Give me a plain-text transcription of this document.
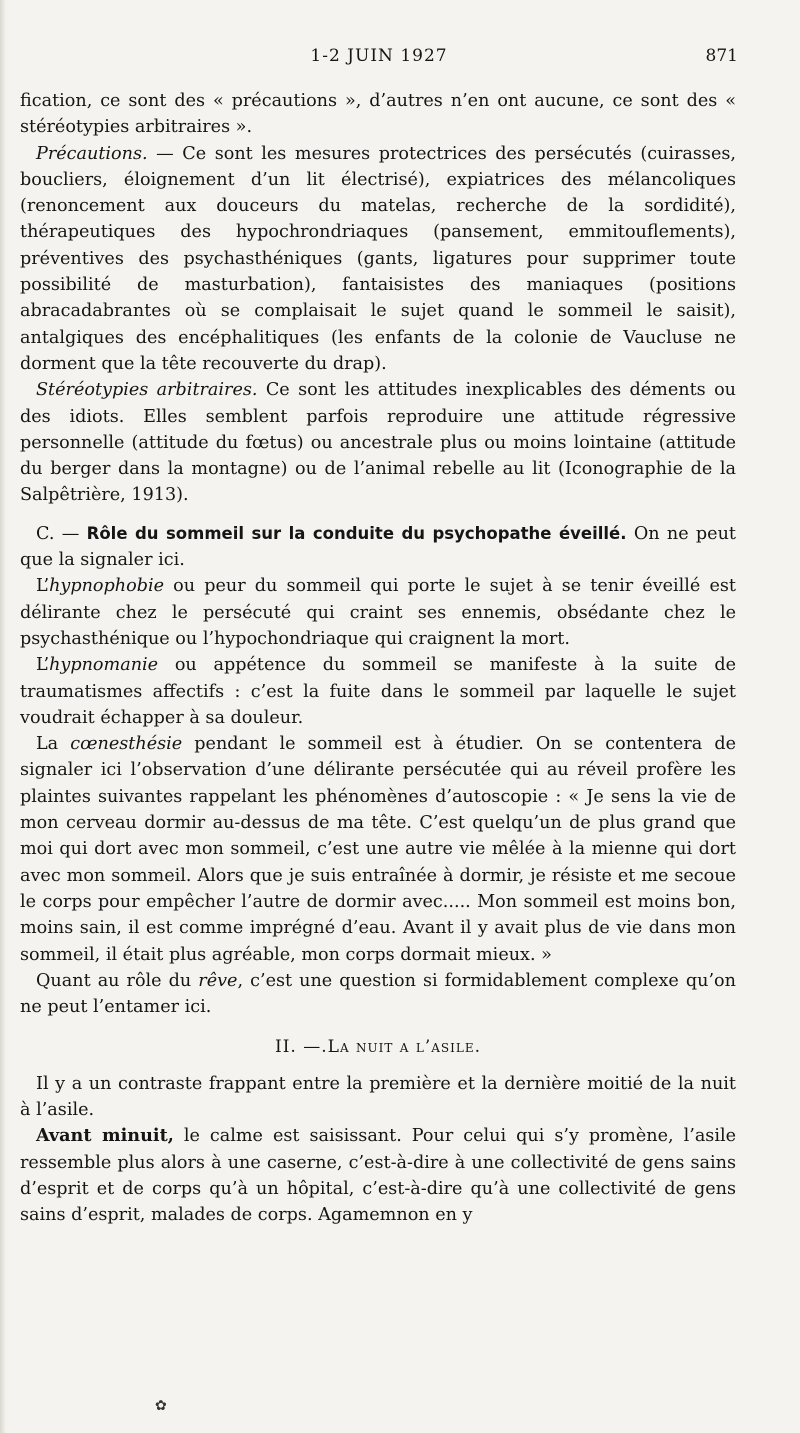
1-2 JUIN 1927	871

fication, ce sont des « précautions », d’autres n’en ont aucune, ce sont des « stéréotypies arbitraires ».

Précautions. — Ce sont les mesures protectrices des persécutés (cuirasses, boucliers, éloignement d’un lit électrisé), expiatrices des mélancoliques (renoncement aux douceurs du matelas, recherche de la sordidité), thérapeutiques des hypochrondriaques (pansement, emmitouflements), préventives des psychasthéniques (gants, ligatures pour supprimer toute possibilité de masturbation), fantaisistes des maniaques (positions abracadabrantes où se complaisait le sujet quand le sommeil le saisit), antalgiques des encéphalitiques (les enfants de la colonie de Vaucluse ne dorment que la tête recouverte du drap).

Stéréotypies arbitraires. Ce sont les attitudes inexplicables des déments ou des idiots. Elles semblent parfois reproduire une attitude régressive personnelle (attitude du fœtus) ou ancestrale plus ou moins lointaine (attitude du berger dans la montagne) ou de l’animal rebelle au lit (Iconographie de la Salpêtrière, 1913).

C. — Rôle du sommeil sur la conduite du psychopathe éveillé. On ne peut que la signaler ici.

L’hypnophobie ou peur du sommeil qui porte le sujet à se tenir éveillé est délirante chez le persécuté qui craint ses ennemis, obsédante chez le psychasthénique ou l’hypochondriaque qui craignent la mort.

L’hypnomanie ou appétence du sommeil se manifeste à la suite de traumatismes affectifs : c’est la fuite dans le sommeil par laquelle le sujet voudrait échapper à sa douleur.

La cœnesthésie pendant le sommeil est à étudier. On se contentera de signaler ici l’observation d’une délirante persécutée qui au réveil profère les plaintes suivantes rappelant les phénomènes d’autoscopie : « Je sens la vie de mon cerveau dormir au-dessus de ma tête. C’est quelqu’un de plus grand que moi qui dort avec mon sommeil, c’est une autre vie mêlée à la mienne qui dort avec mon sommeil. Alors que je suis entraînée à dormir, je résiste et me secoue le corps pour empêcher l’autre de dormir avec..... Mon sommeil est moins bon, moins sain, il est comme imprégné d’eau. Avant il y avait plus de vie dans mon sommeil, il était plus agréable, mon corps dormait mieux. »

Quant au rôle du rêve, c’est une question si formidablement complexe qu’on ne peut l’entamer ici.

II. —.La nuit a l’asile.

Il y a un contraste frappant entre la première et la dernière moitié de la nuit à l’asile.

Avant minuit, le calme est saisissant. Pour celui qui s’y promène, l’asile ressemble plus alors à une caserne, c’est-à-dire à une collectivité de gens sains d’esprit et de corps qu’à un hôpital, c’est-à-dire qu’à une collectivité de gens sains d’esprit, malades de corps. Agamemnon en y

✿
